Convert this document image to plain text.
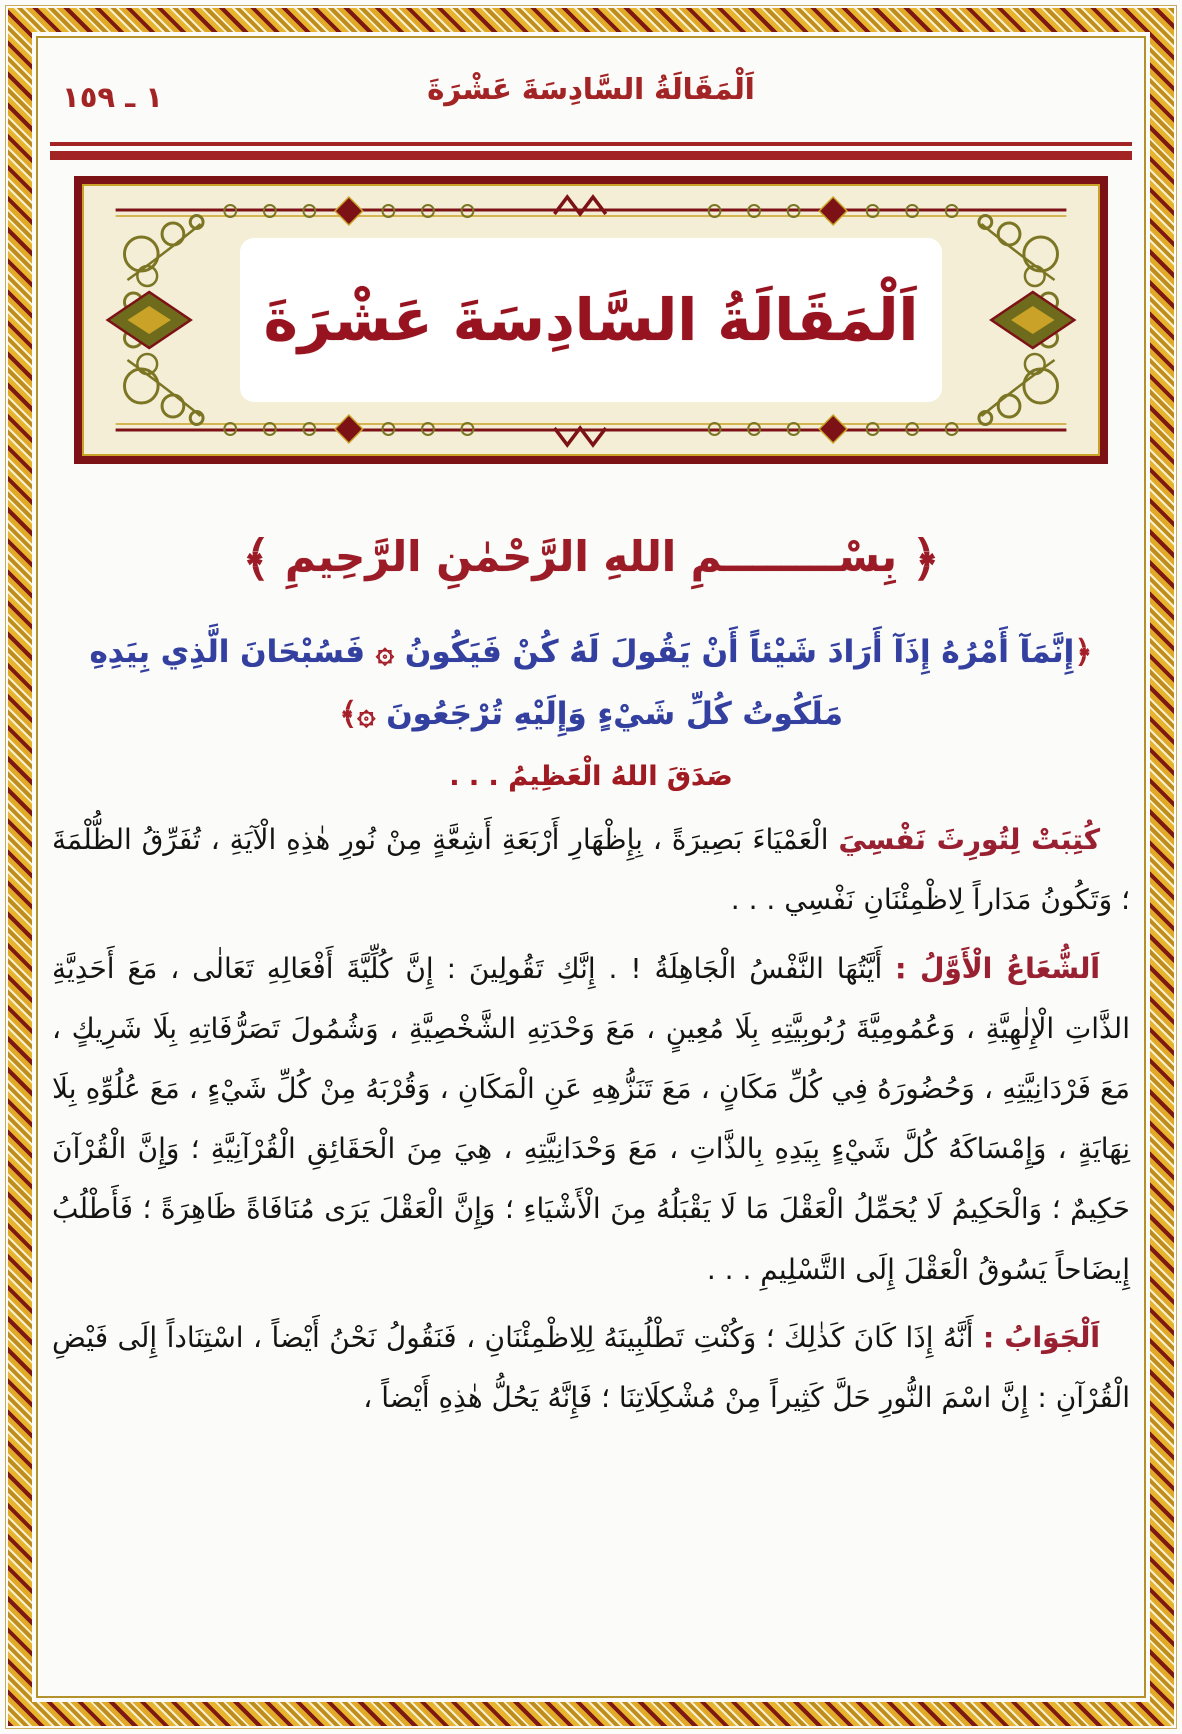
١ ـ ١٥٩	اَلْمَقَالَةُ السَّادِسَةَ عَشْرَةَ
اَلْمَقَالَةُ السَّادِسَةَ عَشْرَةَ
﴿ بِسْــــــــمِ اللهِ الرَّحْمٰنِ الرَّحِيمِ ﴾
﴿إِنَّمَآ أَمْرُهُ إِذَآ أَرَادَ شَيْئاً أَنْ يَقُولَ لَهُ كُنْ فَيَكُونُ ۞ فَسُبْحَانَ الَّذِي بِيَدِهِ
مَلَكُوتُ كُلِّ شَيْءٍ وَإِلَيْهِ تُرْجَعُونَ ۞﴾
صَدَقَ اللهُ الْعَظِيمُ . . .

كُتِبَتْ لِتُورِثَ نَفْسِيَ الْعَمْيَاءَ بَصِيرَةً ، بِإِظْهَارِ أَرْبَعَةِ أَشِعَّةٍ مِنْ نُورِ هٰذِهِ الْآيَةِ ، تُفَرِّقُ الظُّلْمَةَ ؛ وَتَكُونُ مَدَاراً لِاظْمِئْنَانِ نَفْسِي . . .

اَلشُّعَاعُ الْأَوَّلُ : أَيَّتُهَا النَّفْسُ الْجَاهِلَةُ ! . إِنَّكِ تَقُولِينَ : إِنَّ كُلِّيَّةَ أَفْعَالِهِ تَعَالٰى ، مَعَ أَحَدِيَّةِ الذَّاتِ الْإِلٰهِيَّةِ ، وَعُمُومِيَّةَ رُبُوبِيَّتِهِ بِلَا مُعِينٍ ، مَعَ وَحْدَتِهِ الشَّخْصِيَّةِ ، وَشُمُولَ تَصَرُّفَاتِهِ بِلَا شَرِيكٍ ، مَعَ فَرْدَانِيَّتِهِ ، وَحُضُورَهُ فِي كُلِّ مَكَانٍ ، مَعَ تَنَزُّهِهِ عَنِ الْمَكَانِ ، وَقُرْبَهُ مِنْ كُلِّ شَيْءٍ ، مَعَ عُلُوِّهِ بِلَا نِهَايَةٍ ، وَإِمْسَاكَهُ كُلَّ شَيْءٍ بِيَدِهِ بِالذَّاتِ ، مَعَ وَحْدَانِيَّتِهِ ، هِيَ مِنَ الْحَقَائِقِ الْقُرْآنِيَّةِ ؛ وَإِنَّ الْقُرْآنَ حَكِيمٌ ؛ وَالْحَكِيمُ لَا يُحَمِّلُ الْعَقْلَ مَا لَا يَقْبَلُهُ مِنَ الْأَشْيَاءِ ؛ وَإِنَّ الْعَقْلَ يَرَى مُنَافَاةً ظَاهِرَةً ؛ فَأَطْلُبُ إِيضَاحاً يَسُوقُ الْعَقْلَ إِلَى التَّسْلِيمِ . . .

اَلْجَوَابُ : أَنَّهُ إِذَا كَانَ كَذٰلِكَ ؛ وَكُنْتِ تَطْلُبِينَهُ لِلِاظْمِئْنَانِ ، فَنَقُولُ نَحْنُ أَيْضاً ، اسْتِنَاداً إِلَى فَيْضِ الْقُرْآنِ : إِنَّ اسْمَ النُّورِ حَلَّ كَثِيراً مِنْ مُشْكِلَاتِنَا ؛ فَإِنَّهُ يَحُلُّ هٰذِهِ أَيْضاً ،
